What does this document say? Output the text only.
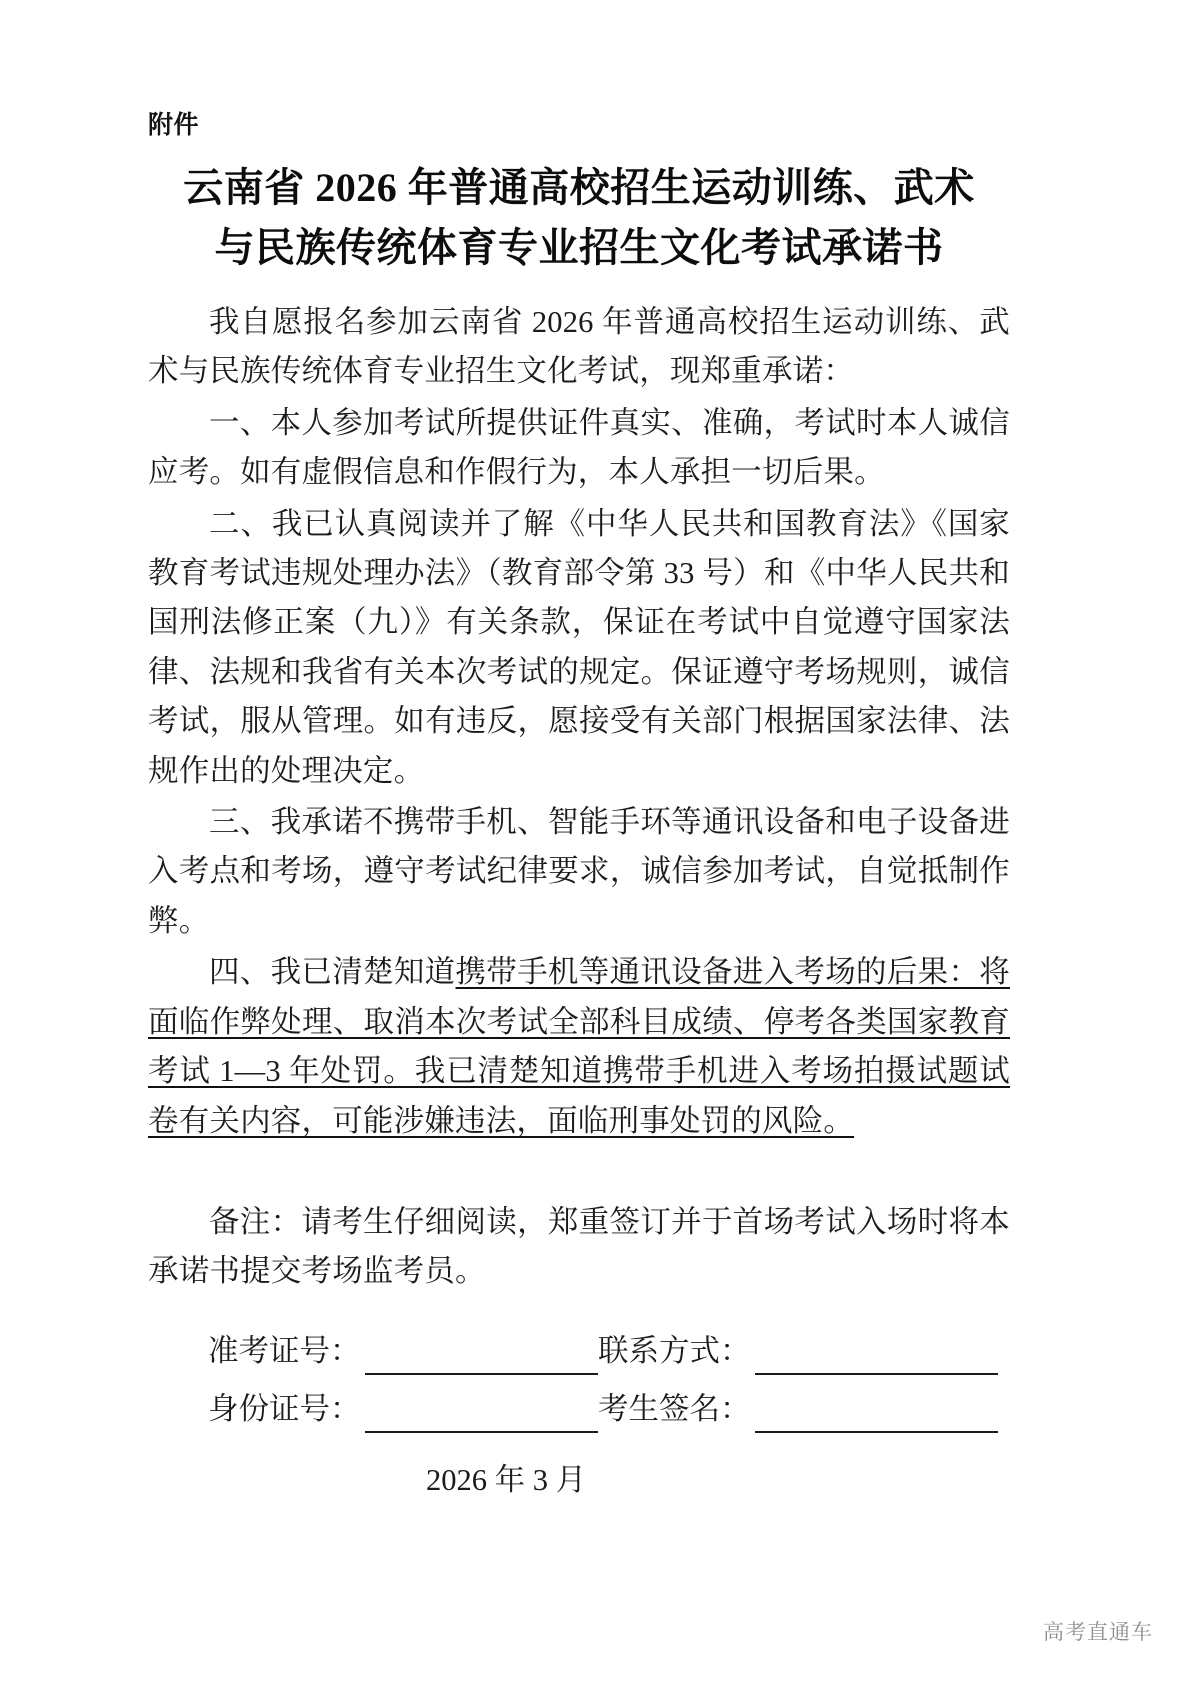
附件
云南省 2026 年普通高校招生运动训练、武术
与民族传统体育专业招生文化考试承诺书

我自愿报名参加云南省 2026 年普通高校招生运动训练、武术与民族传统体育专业招生文化考试，现郑重承诺：

一、本人参加考试所提供证件真实、准确，考试时本人诚信应考。如有虚假信息和作假行为，本人承担一切后果。

二、我已认真阅读并了解《中华人民共和国教育法》《国家教育考试违规处理办法》（教育部令第 33 号）和《中华人民共和国刑法修正案（九）》有关条款，保证在考试中自觉遵守国家法律、法规和我省有关本次考试的规定。保证遵守考场规则，诚信考试，服从管理。如有违反，愿接受有关部门根据国家法律、法规作出的处理决定。

三、我承诺不携带手机、智能手环等通讯设备和电子设备进入考点和考场，遵守考试纪律要求，诚信参加考试，自觉抵制作弊。

四、我已清楚知道携带手机等通讯设备进入考场的后果：将面临作弊处理、取消本次考试全部科目成绩、停考各类国家教育考试 1—3 年处罚。我已清楚知道携带手机进入考场拍摄试题试卷有关内容，可能涉嫌违法，面临刑事处罚的风险。

备注：请考生仔细阅读，郑重签订并于首场考试入场时将本承诺书提交考场监考员。

准考证号：	联系方式：
身份证号：	考生签名：
2026 年 3 月
高考直通车
